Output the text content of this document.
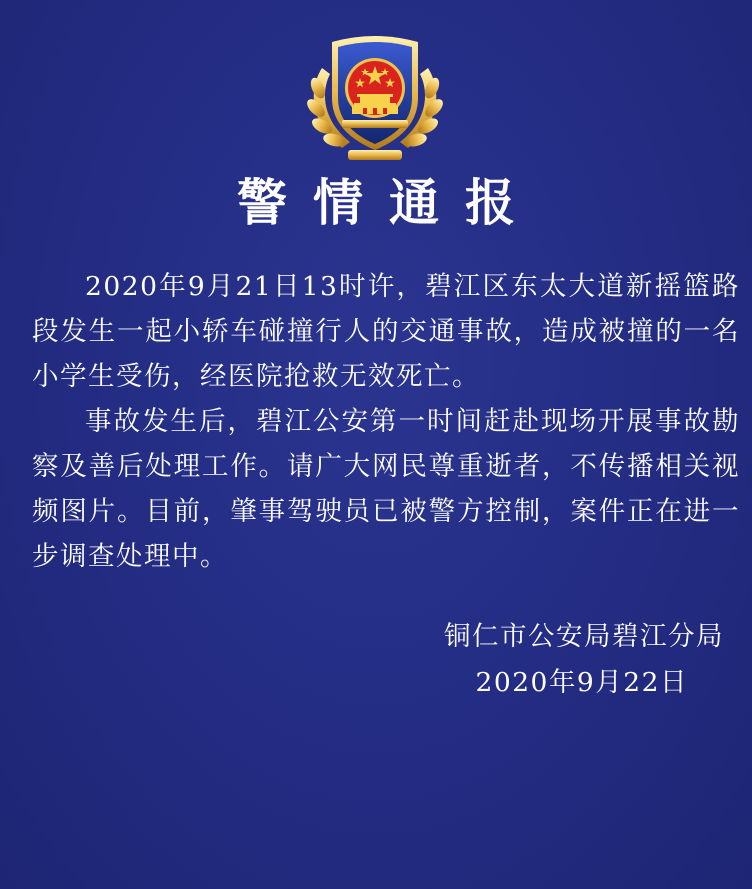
警情通报

2020年9月21日13时许，碧江区东太大道新摇篮路段发生一起小轿车碰撞行人的交通事故，造成被撞的一名小学生受伤，经医院抢救无效死亡。

事故发生后，碧江公安第一时间赶赴现场开展事故勘察及善后处理工作。请广大网民尊重逝者，不传播相关视频图片。目前，肇事驾驶员已被警方控制，案件正在进一步调查处理中。

铜仁市公安局碧江分局
2020年9月22日
